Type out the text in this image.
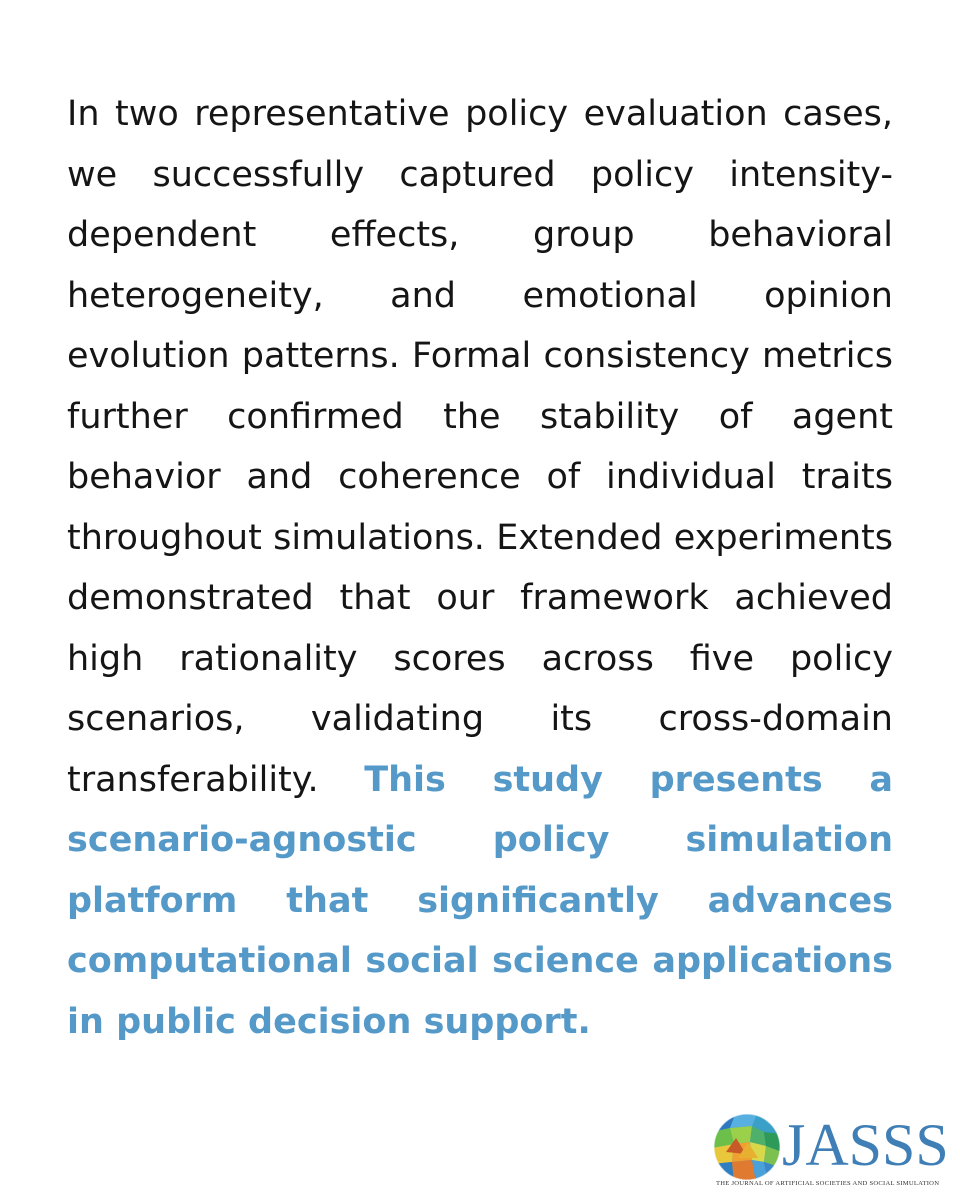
In two representative policy evaluation cases, we successfully captured policy intensity-dependent effects, group behavioral heterogeneity, and emotional opinion evolution patterns. Formal consistency metrics further confirmed the stability of agent behavior and coherence of individual traits throughout simulations. Extended experiments demonstrated that our framework achieved high rationality scores across five policy scenarios, validating its cross-domain transferability. This study presents a scenario-agnostic policy simulation platform that significantly advances computational social science applications in public decision support.

JASSS
THE JOURNAL OF ARTIFICIAL SOCIETIES AND SOCIAL SIMULATION
